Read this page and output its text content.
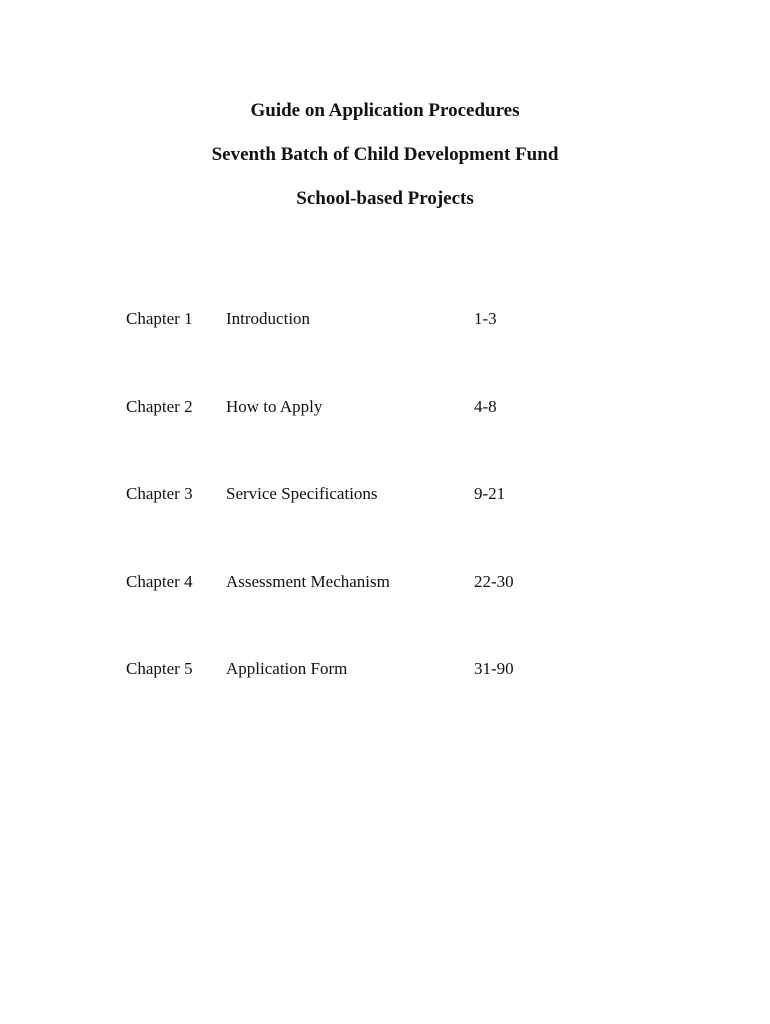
Guide on Application Procedures
Seventh Batch of Child Development Fund
School-based Projects
Chapter 1 Introduction	1-3
Chapter 2 How to Apply	4-8
Chapter 3 Service Specifications	9-21
Chapter 4 Assessment Mechanism	22-30
Chapter 5 Application Form	31-90
